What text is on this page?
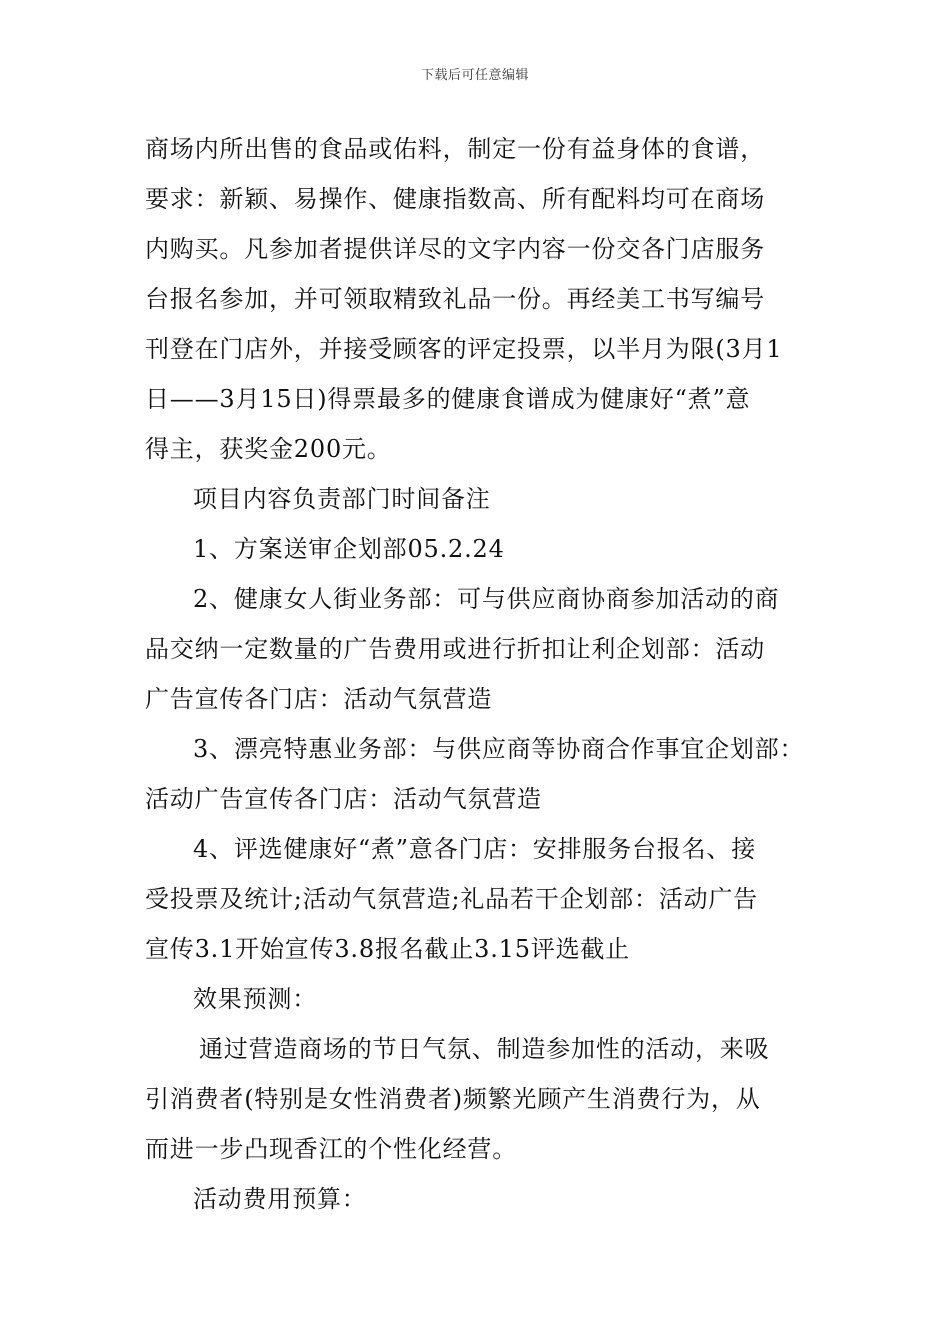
下载后可任意编辑
商场内所出售的食品或佑料，制定一份有益身体的食谱，
要求：新颖、易操作、健康指数高、所有配料均可在商场
内购买。凡参加者提供详尽的文字内容一份交各门店服务
台报名参加，并可领取精致礼品一份。再经美工书写编号
刊登在门店外，并接受顾客的评定投票，以半月为限(3月1
日——3月15日)得票最多的健康食谱成为健康好“煮”意
得主，获奖金200元。
项目内容负责部门时间备注
1、方案送审企划部05.2.24
2、健康女人街业务部：可与供应商协商参加活动的商
品交纳一定数量的广告费用或进行折扣让利企划部：活动
广告宣传各门店：活动气氛营造
3、漂亮特惠业务部：与供应商等协商合作事宜企划部：
活动广告宣传各门店：活动气氛营造
4、评选健康好“煮”意各门店：安排服务台报名、接
受投票及统计;活动气氛营造;礼品若干企划部：活动广告
宣传3.1开始宣传3.8报名截止3.15评选截止
效果预测：
通过营造商场的节日气氛、制造参加性的活动，来吸
引消费者(特别是女性消费者)频繁光顾产生消费行为，从
而进一步凸现香江的个性化经营。
活动费用预算：
